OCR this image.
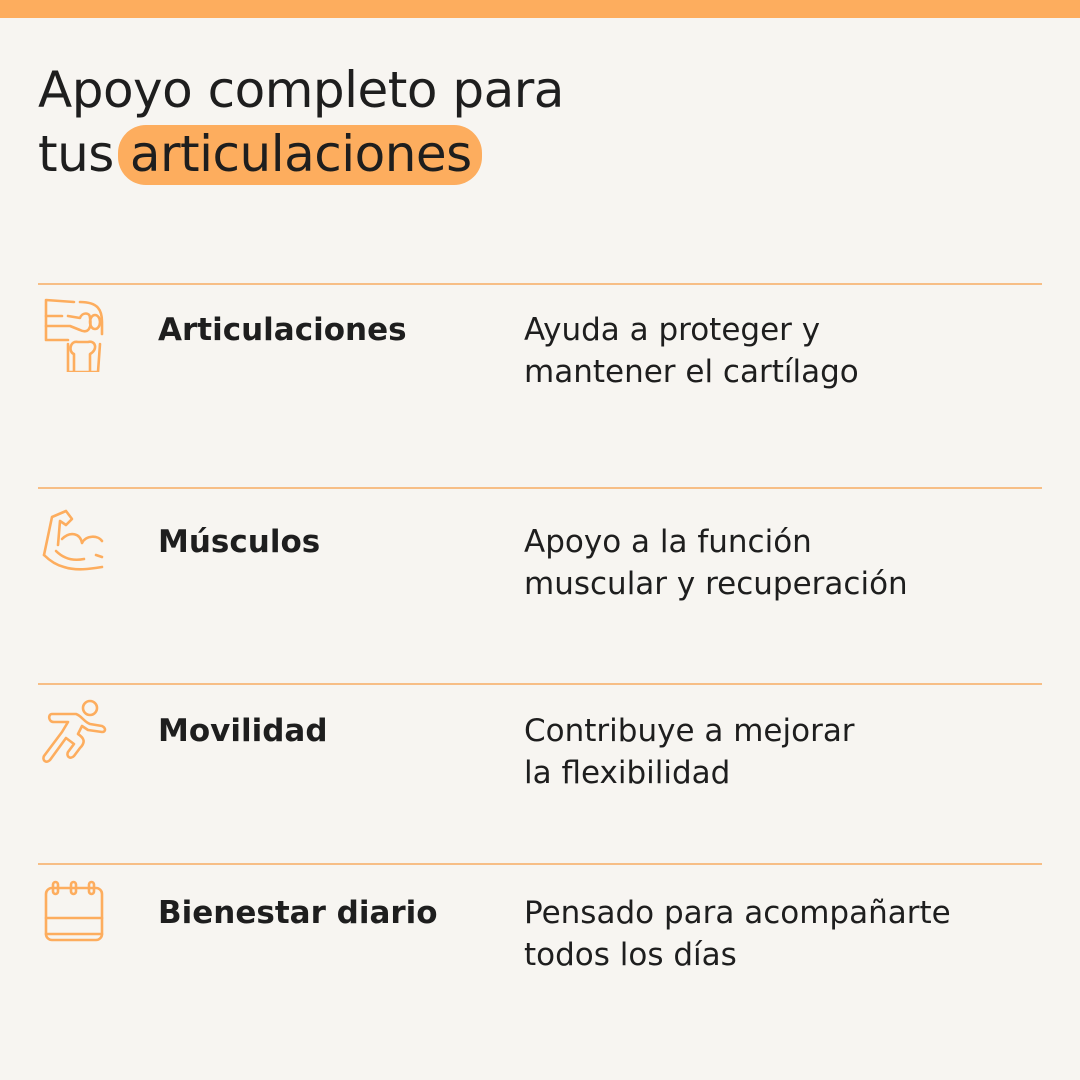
Apoyo completo para
tus articulaciones
Articulaciones	Ayuda a proteger y
mantener el cartílago
Músculos	Apoyo a la función
muscular y recuperación
Movilidad	Contribuye a mejorar
la flexibilidad
Bienestar diario	Pensado para acompañarte
todos los días
